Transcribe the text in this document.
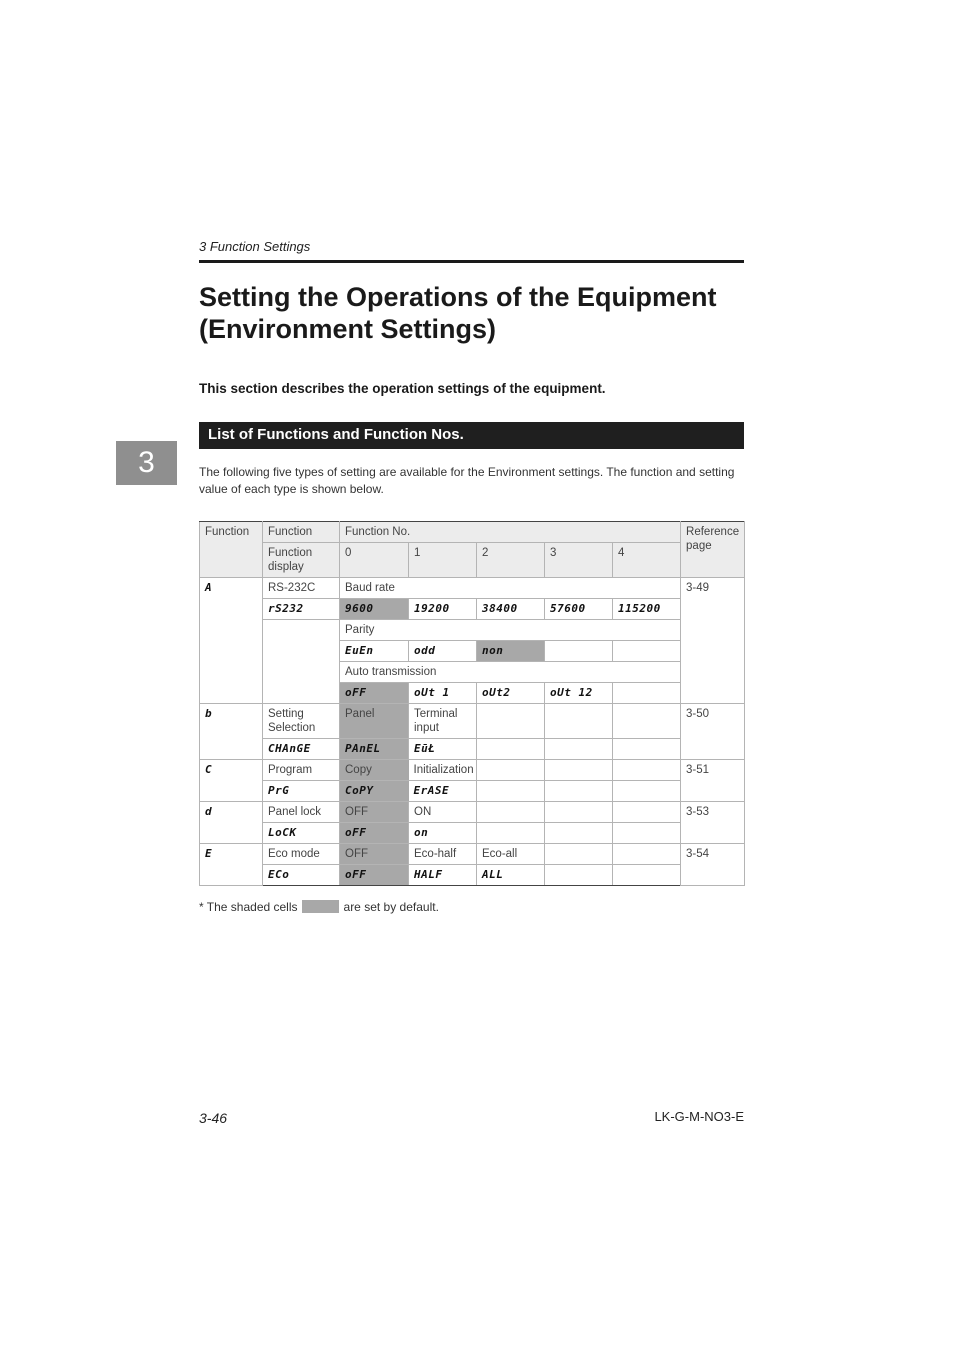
3 Function Settings
Setting the Operations of the Equipment
(Environment Settings)
This section describes the operation settings of the equipment.
List of Functions and Function Nos.
3	The following five types of setting are available for the Environment settings. The function and setting value of each type is shown below.
Function	Function	Function No.					Reference page
	Function display	0	1	2	3	4	
A	RS-232C	Baud rate					3-49
	rS232	9600	19200	38400	57600	115200	
		Parity					
		EuEn	odd	non			
		Auto transmission					
		oFF	oUt 1	oUt2	oUt 12		
b	Setting Selection	Panel	Terminal input				3-50
	CHAnGE	PAnEL	EūŁ				
C	Program	Copy	Initialization				3-51
	PrG	CoPY	ErASE				
d	Panel lock	OFF	ON				3-53
	LoCK	oFF	on				
E	Eco mode	OFF	Eco-half	Eco-all			3-54
	ECo	oFF	HALF	ALL			
* The shaded cells	are set by default.
3-46	LK-G-M-NO3-E
